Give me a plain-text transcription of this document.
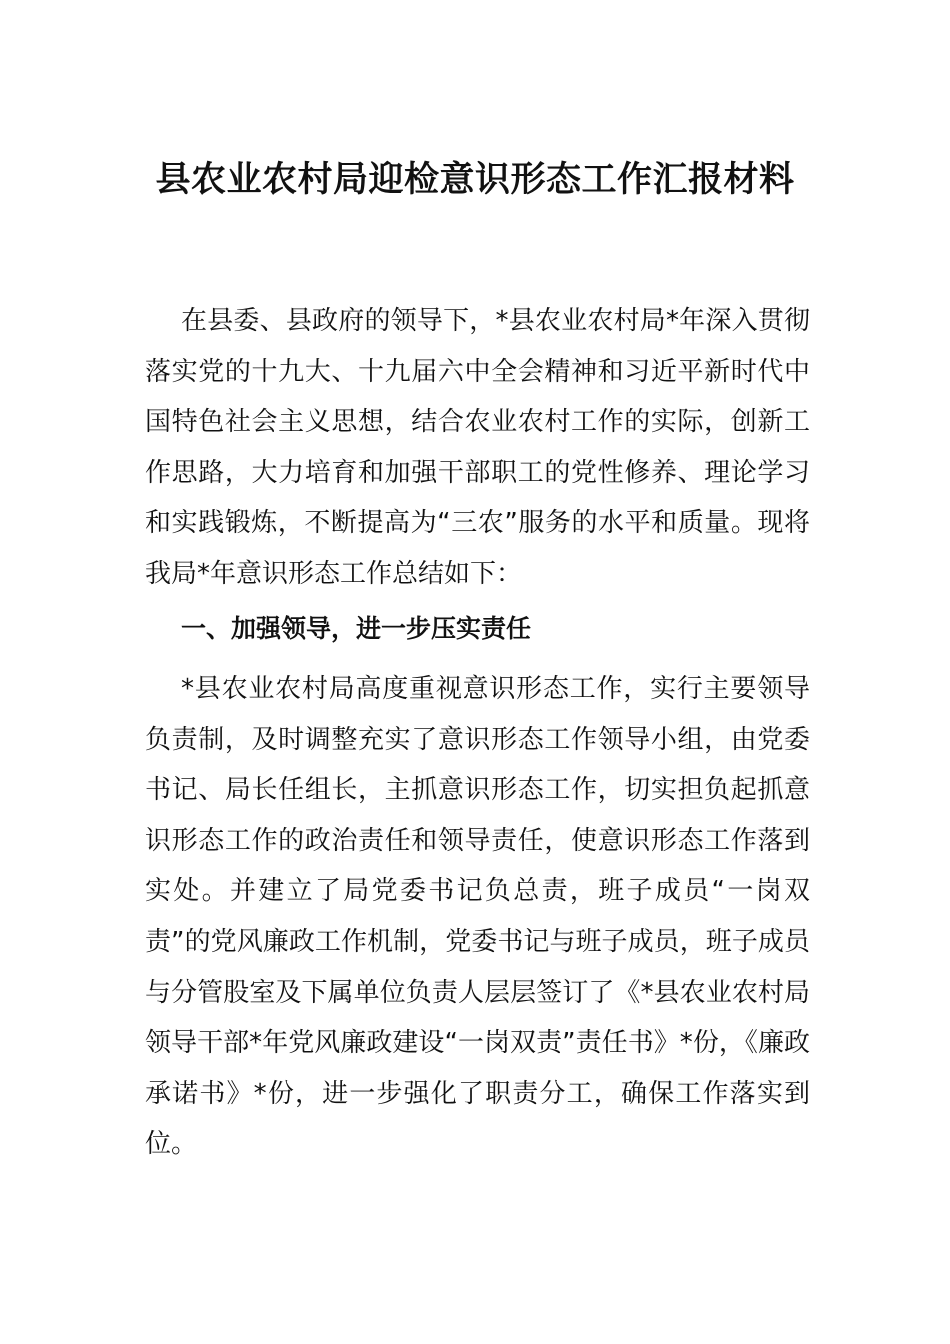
县农业农村局迎检意识形态工作汇报材料

在县委、县政府的领导下，*县农业农村局*年深入贯彻落实党的十九大、十九届六中全会精神和习近平新时代中国特色社会主义思想，结合农业农村工作的实际，创新工作思路，大力培育和加强干部职工的党性修养、理论学习和实践锻炼，不断提高为“三农”服务的水平和质量。现将我局*年意识形态工作总结如下：

一、加强领导，进一步压实责任

*县农业农村局高度重视意识形态工作，实行主要领导负责制，及时调整充实了意识形态工作领导小组，由党委书记、局长任组长，主抓意识形态工作，切实担负起抓意识形态工作的政治责任和领导责任，使意识形态工作落到实处。并建立了局党委书记负总责，班子成员“一岗双责”的党风廉政工作机制，党委书记与班子成员，班子成员与分管股室及下属单位负责人层层签订了《*县农业农村局领导干部*年党风廉政建设“一岗双责”责任书》*份，《廉政承诺书》*份，进一步强化了职责分工，确保工作落实到位。
